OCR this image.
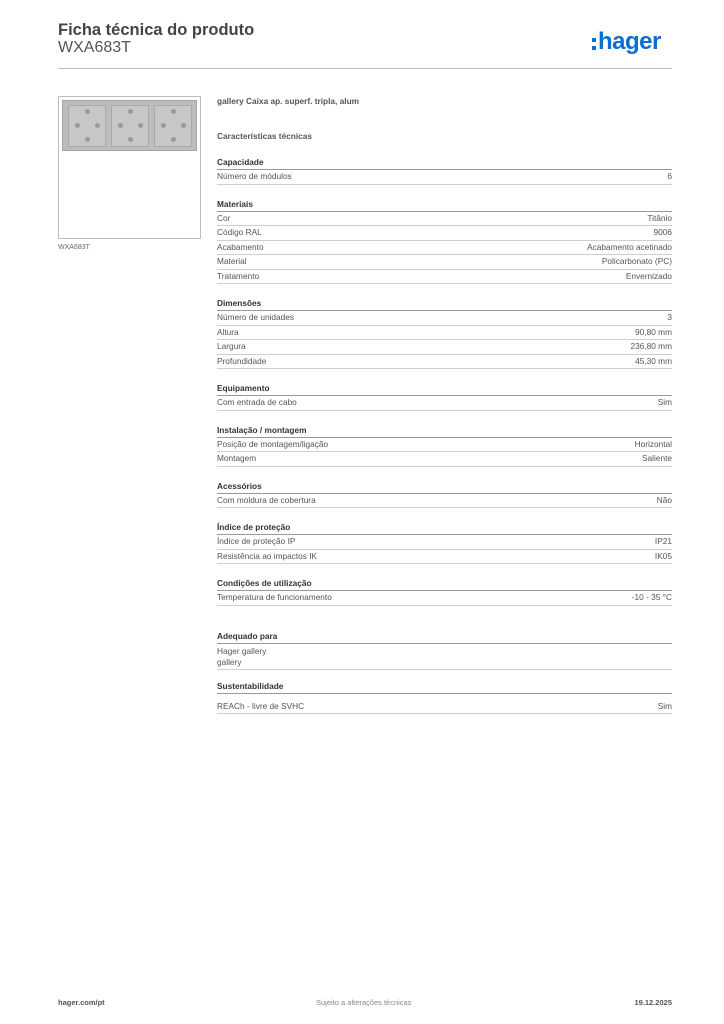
Ficha técnica do produto
WXA683T	hager
WXA683T
gallery Caixa ap. superf. tripla, alum
Características técnicas
Capacidade
Número de módulos	6
Materiais
Cor	Titânio
Código RAL	9006
Acabamento	Acabamento acetinado
Material	Policarbonato (PC)
Tratamento	Envernizado
Dimensões
Número de unidades	3
Altura	90,80 mm
Largura	236,80 mm
Profundidade	45,30 mm
Equipamento
Com entrada de cabo	Sim
Instalação / montagem
Posição de montagem/ligação	Horizontal
Montagem	Saliente
Acessórios
Com moldura de cobertura	Não
Índice de proteção
Índice de proteção IP	IP21
Resistência ao impactos IK	IK05
Condições de utilização
Temperatura de funcionamento	-10 - 35 °C
Adequado para
Hager gallery
gallery
Sustentabilidade
REACh - livre de SVHC	Sim
hager.com/pt	Sujeito a alterações técnicas	19.12.2025
